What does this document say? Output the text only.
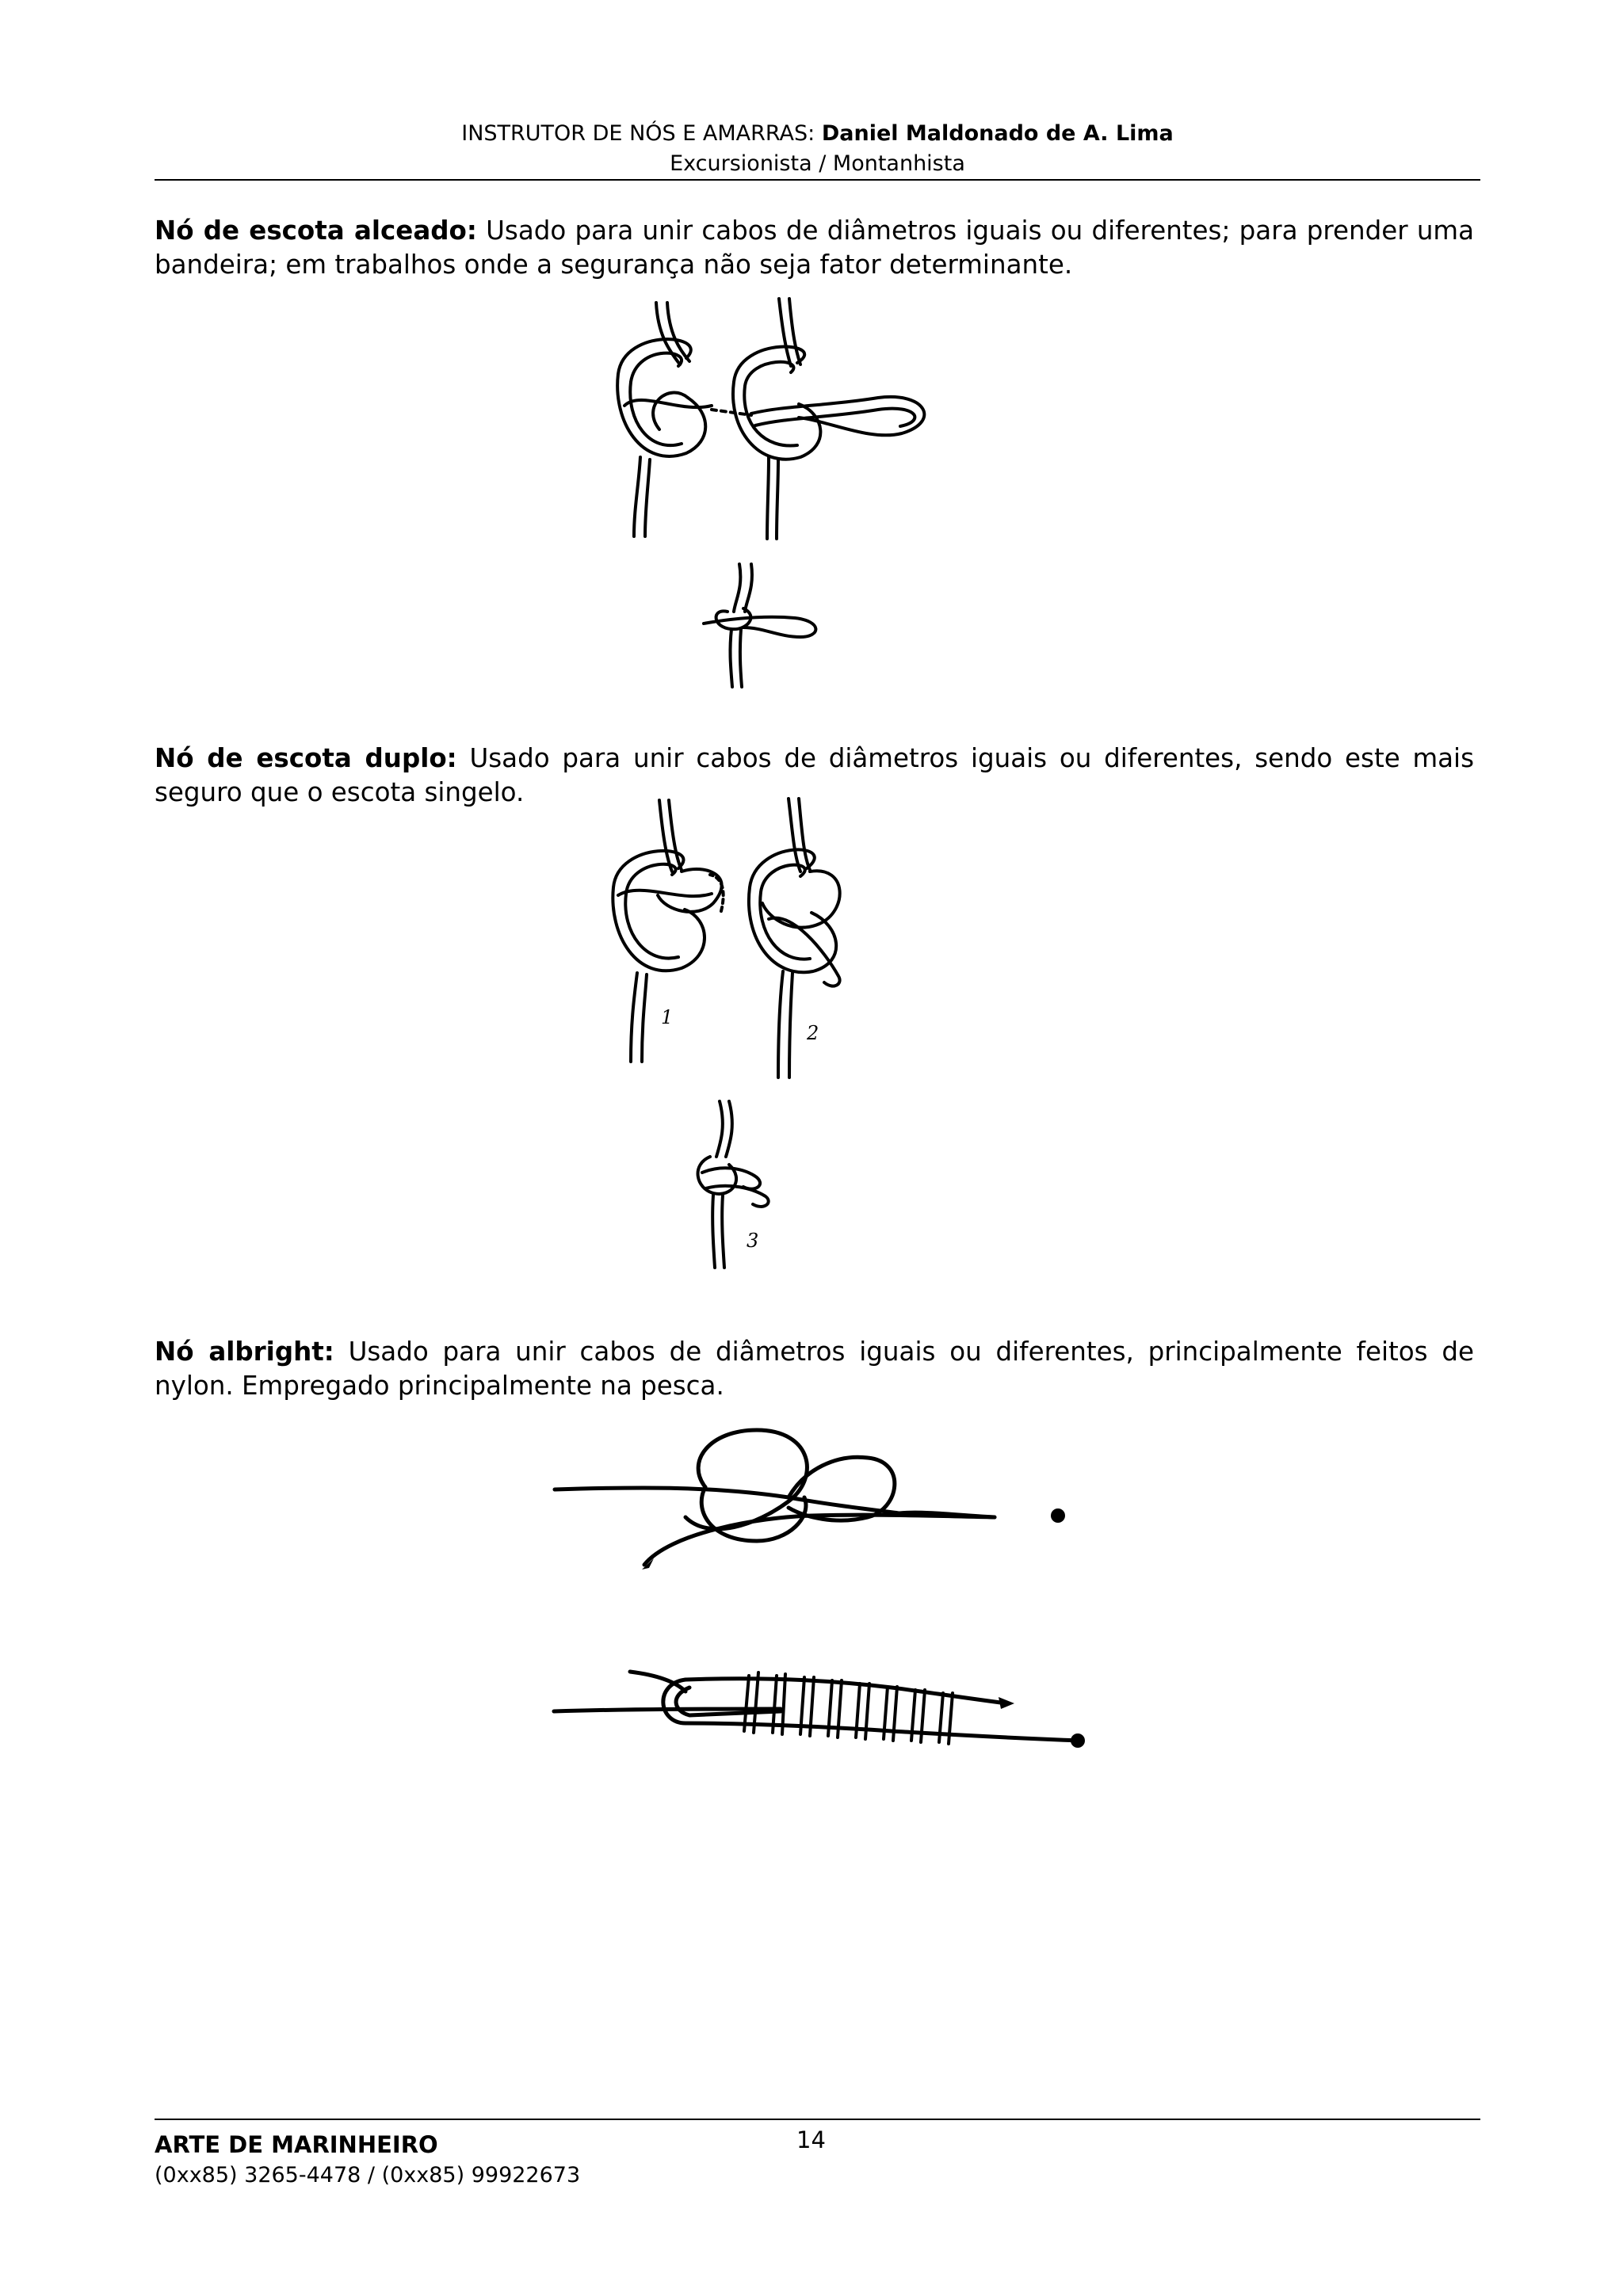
INSTRUTOR DE NÓS E AMARRAS: Daniel Maldonado de A. Lima
Excursionista / Montanhista
Nó de escota alceado: Usado para unir cabos de diâmetros iguais ou diferentes; para prender uma bandeira; em trabalhos onde a segurança não seja fator determinante.
Nó de escota duplo: Usado para unir cabos de diâmetros iguais ou diferentes, sendo este mais seguro que o escota singelo.
1
2
3
Nó albright: Usado para unir cabos de diâmetros iguais ou diferentes, principalmente feitos de nylon. Empregado principalmente na pesca.
ARTE DE MARINHEIRO	14
(0xx85) 3265-4478 / (0xx85) 99922673
